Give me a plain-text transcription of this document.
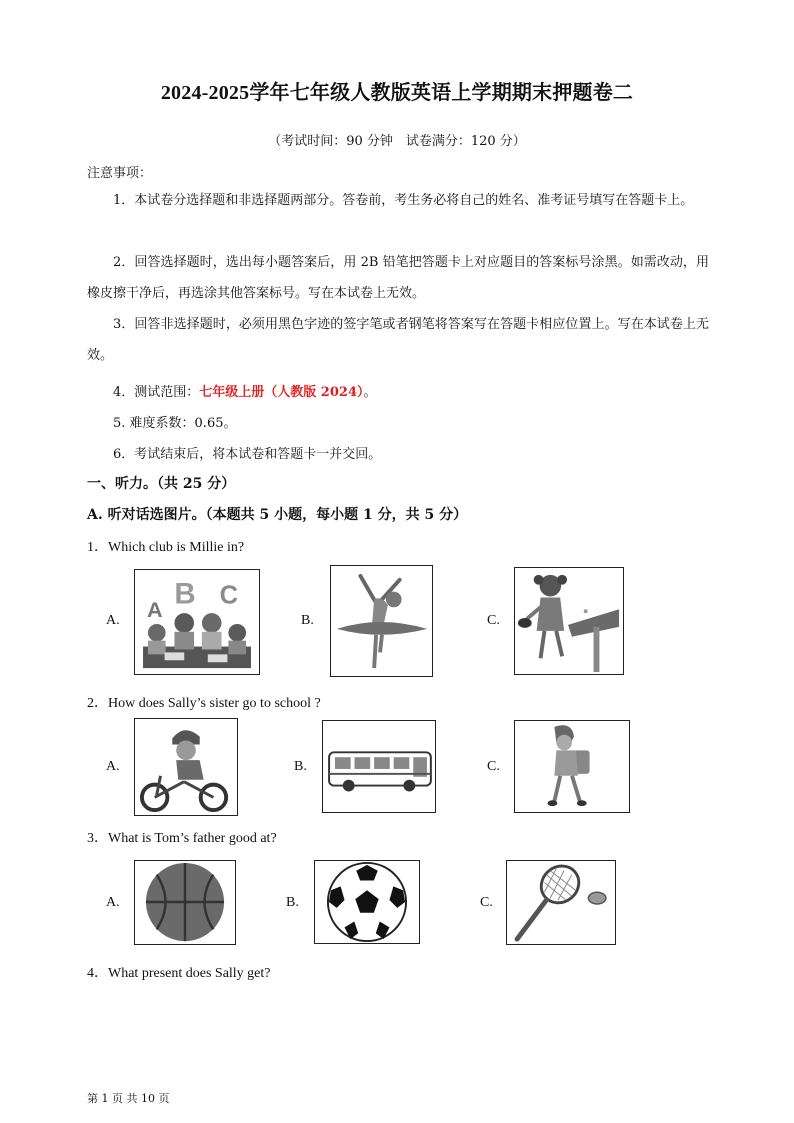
2024-2025学年七年级人教版英语上学期期末押题卷二
（考试时间：90 分钟　试卷满分：120 分）
注意事项：
1．本试卷分选择题和非选择题两部分。答卷前，考生务必将自己的姓名、准考证号填写在答题卡上。
2．回答选择题时，选出每小题答案后，用 2B 铅笔把答题卡上对应题目的答案标号涂黑。如需改动，用橡皮擦干净后，再选涂其他答案标号。写在本试卷上无效。
3．回答非选择题时，必须用黑色字迹的签字笔或者钢笔将答案写在答题卡相应位置上。写在本试卷上无效。
4．测试范围：七年级上册（人教版 2024）。
5. 难度系数：0.65。
6．考试结束后，将本试卷和答题卡一并交回。
一、听力。（共 25 分）
A. 听对话选图片。（本题共 5 小题，每小题 1 分，共 5 分）
1．Which club is Millie in?
A.
B
A
C
B.	C.
2．How does Sally’s sister go to school ?
A.	B.	C.
3．What is Tom’s father good at?
A.	B.	C.
4．What present does Sally get?
第 1 页 共 10 页
